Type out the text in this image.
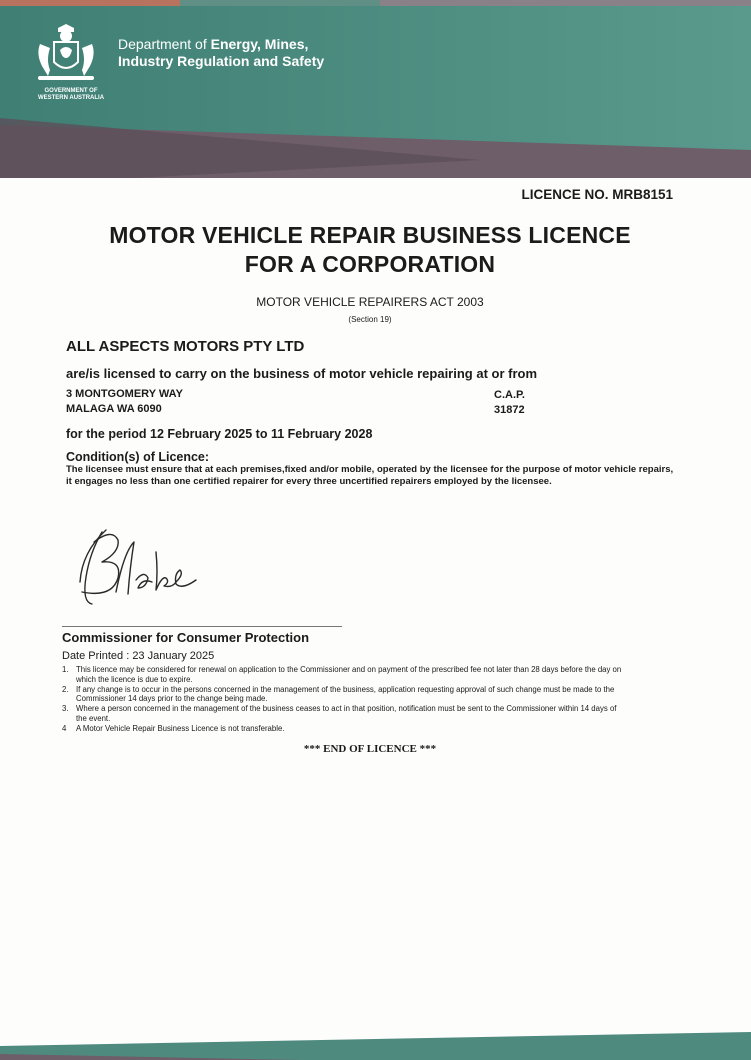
GOVERNMENT OF
WESTERN AUSTRALIA
Department of Energy, Mines,
Industry Regulation and Safety
LICENCE NO. MRB8151
MOTOR VEHICLE REPAIR BUSINESS LICENCE
FOR A CORPORATION
MOTOR VEHICLE REPAIRERS ACT 2003
(Section 19)
ALL ASPECTS MOTORS PTY LTD
are/is licensed to carry on the business of motor vehicle repairing at or from
3 MONTGOMERY WAY
MALAGA WA 6090
C.A.P.
31872
for the period 12 February 2025 to 11 February 2028
Condition(s) of Licence:
The licensee must ensure that at each premises,fixed and/or mobile, operated by the licensee for the purpose of motor vehicle repairs, it engages no less than one certified repairer for every three uncertified repairers employed by the licensee.
Commissioner for Consumer Protection
Date Printed : 23 January 2025
1. This licence may be considered for renewal on application to the Commissioner and on payment of the prescribed fee not later than 28 days before the day on which the licence is due to expire.
2. If any change is to occur in the persons concerned in the management of the business, application requesting approval of such change must be made to the Commissioner 14 days prior to the change being made.
3. Where a person concerned in the management of the business ceases to act in that position, notification must be sent to the Commissioner within 14 days of the event.
4	A Motor Vehicle Repair Business Licence is not transferable.
*** END OF LICENCE ***
